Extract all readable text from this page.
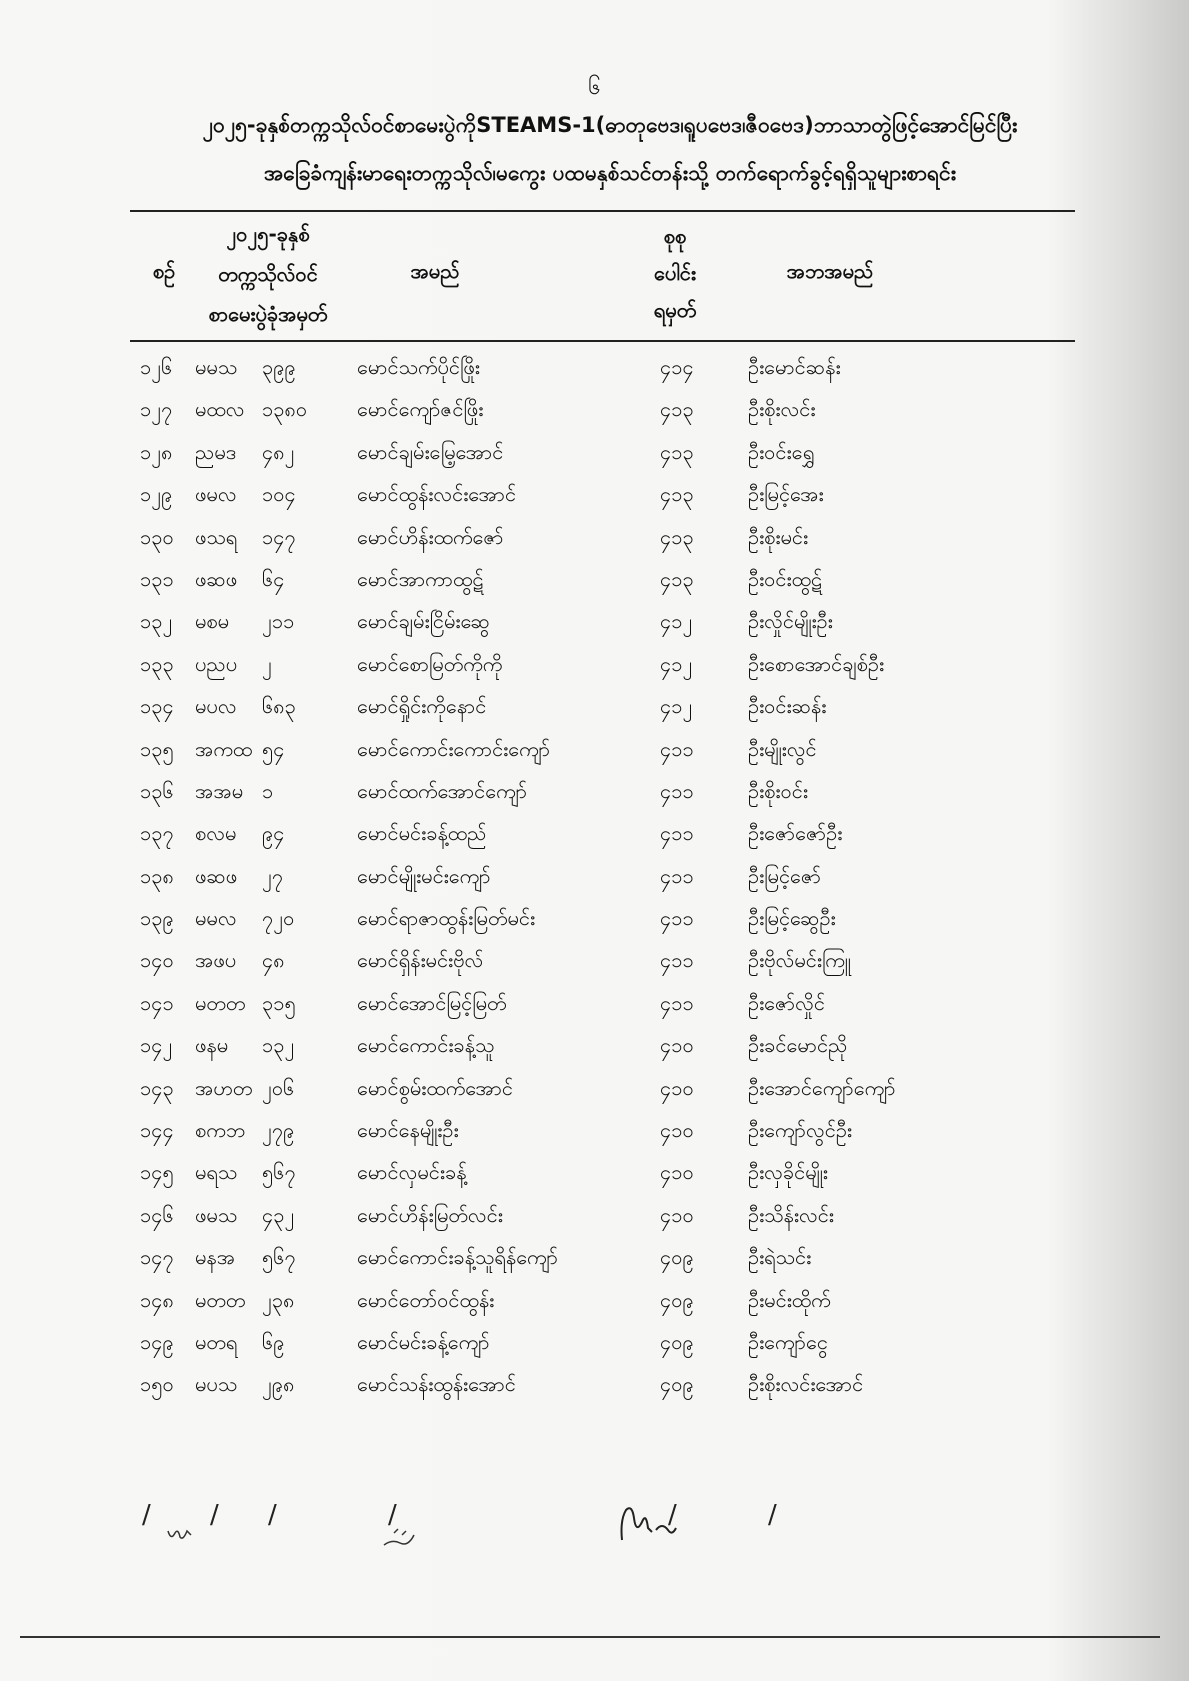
၆
၂၀၂၅-ခုနှစ်တက္ကသိုလ်ဝင်စာမေးပွဲကိုSTEAMS-1(ဓာတုဗေဒ၊ရူပဗေဒ၊ဇီဝဗေဒ)ဘာသာတွဲဖြင့်အောင်မြင်ပြီး
အခြေခံကျန်းမာရေးတက္ကသိုလ်၊မကွေး ပထမနှစ်သင်တန်းသို့ တက်ရောက်ခွင့်ရရှိသူများစာရင်း
စဉ်
၂၀၂၅-ခုနှစ်
တက္ကသိုလ်ဝင်
စာမေးပွဲခုံအမှတ်
အမည်
စုစု
ပေါင်း
ရမှတ်
အဘအမည်
၁၂၆ မမသ ၃၉၉	မောင်သက်ပိုင်ဖြိုး	၄၁၄	ဦးမောင်ဆန်း
၁၂၇ မထလ ၁၃၈၀ မောင်ကျော်ဇင်ဖြိုး	၄၁၃	ဦးစိုးလင်း
၁၂၈ ညမဒ ၄၈၂	မောင်ချမ်းမြေ့အောင်	၄၁၃	ဦးဝင်းရွှေ
၁၂၉ ဖမလ ၁၀၄	မောင်ထွန်းလင်းအောင်	၄၁၃	ဦးမြင့်အေး
၁၃၀ ဖသရ ၁၄၇	မောင်ဟိန်းထက်ဇော်	၄၁၃	ဦးစိုးမင်း
၁၃၁ ဖဆဖ ၆၄	မောင်အာကာထွဋ်	၄၁၃	ဦးဝင်းထွဋ်
၁၃၂ မစမ ၂၁၁	မောင်ချမ်းငြိမ်းဆွေ	၄၁၂	ဦးလှိုင်မျိုးဦး
၁၃၃ ပညပ ၂	မောင်စောမြတ်ကိုကို	၄၁၂	ဦးစောအောင်ချစ်ဦး
၁၃၄ မပလ ၆၈၃	မောင်ရှိုင်းကိုနောင်	၄၁၂	ဦးဝင်းဆန်း
၁၃၅ အကထ ၅၄	မောင်ကောင်းကောင်းကျော်	၄၁၁	ဦးမျိုးလွင်
၁၃၆ အအမ ၁	မောင်ထက်အောင်ကျော်	၄၁၁	ဦးစိုးဝင်း
၁၃၇ စလမ ၉၄	မောင်မင်းခန့်ထည်	၄၁၁	ဦးဇော်ဇော်ဦး
၁၃၈ ဖဆဖ ၂၇	မောင်မျိုးမင်းကျော်	၄၁၁	ဦးမြင့်ဇော်
၁၃၉ မမလ ၇၂၀	မောင်ရာဇာထွန်းမြတ်မင်း	၄၁၁	ဦးမြင့်ဆွေဦး
၁၄၀ အဖပ ၄၈	မောင်ရှိန်းမင်းဗိုလ်	၄၁၁	ဦးဗိုလ်မင်းကြူ
၁၄၁ မတတ ၃၁၅	မောင်အောင်မြင့်မြတ်	၄၁၁	ဦးဇော်လှိုင်
၁၄၂ ဖနမ ၁၃၂	မောင်ကောင်းခန့်သူ	၄၁၀	ဦးခင်မောင်ညို
၁၄၃ အဟတ ၂၀၆	မောင်စွမ်းထက်အောင်	၄၁၀	ဦးအောင်ကျော်ကျော်
၁၄၄ စကဘ ၂၇၉	မောင်နေမျိုးဦး	၄၁၀	ဦးကျော်လွင်ဦး
၁၄၅ မရသ ၅၆၇	မောင်လှမင်းခန့်	၄၁၀	ဦးလှခိုင်မျိုး
၁၄၆ ဖမသ ၄၃၂	မောင်ဟိန်းမြတ်လင်း	၄၁၀	ဦးသိန်းလင်း
၁၄၇ မနအ ၅၆၇	မောင်ကောင်းခန့်သူရိန်ကျော်	၄၀၉	ဦးရဲသင်း
၁၄၈ မတတ ၂၃၈	မောင်တော်ဝင်ထွန်း	၄၀၉	ဦးမင်းထိုက်
၁၄၉ မတရ ၆၉	မောင်မင်းခန့်ကျော်	၄၀၉	ဦးကျော်ငွေ
၁၅၀ မပသ ၂၉၈	မောင်သန်းထွန်းအောင်	၄၀၉	ဦးစိုးလင်းအောင်
/ / /	/	/	/
